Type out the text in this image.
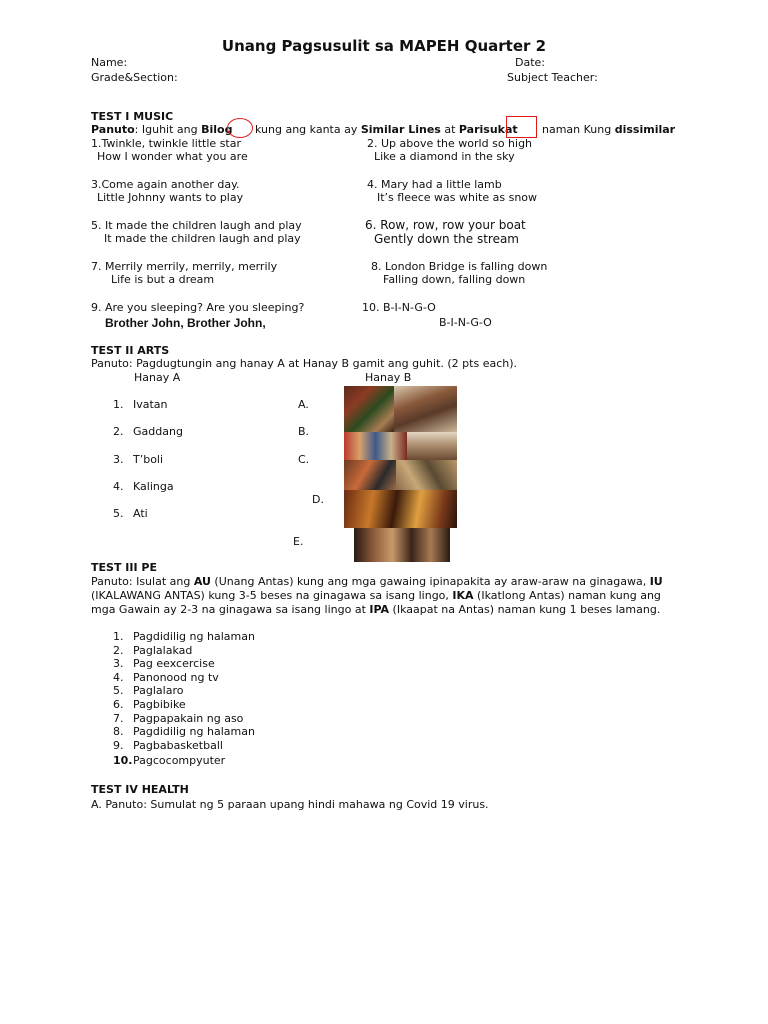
Unang Pagsusulit sa MAPEH Quarter 2
Name:	Date:
Grade&Section:	Subject Teacher:
TEST I MUSIC
Panuto: Iguhit ang Bilog kung ang kanta ay Similar Lines at Parisukat naman Kung dissimilar
1.Twinkle, twinkle little star
How I wonder what you are
2. Up above the world so high
Like a diamond in the sky
3.Come again another day.
Little Johnny wants to play
4. Mary had a little lamb
It’s fleece was white as snow
5. It made the children laugh and play
It made the children laugh and play
6. Row, row, row your boat
Gently down the stream
7. Merrily merrily, merrily, merrily
Life is but a dream
8. London Bridge is falling down
Falling down, falling down
9. Are you sleeping? Are you sleeping?
Brother John, Brother John,
10. B-I-N-G-O
B-I-N-G-O
TEST II ARTS
Panuto: Pagdugtungin ang hanay A at Hanay B gamit ang guhit. (2 pts each).
Hanay A	Hanay B
1. Ivatan
2. Gaddang
3. T’boli
4. Kalinga
5. Ati
A.
B.
C.
D.
E.
TEST III PE
Panuto: Isulat ang AU (Unang Antas) kung ang mga gawaing ipinapakita ay araw-araw na ginagawa, IU
(IKALAWANG ANTAS) kung 3-5 beses na ginagawa sa isang lingo, IKA (Ikatlong Antas) naman kung ang
mga Gawain ay 2-3 na ginagawa sa isang lingo at IPA (Ikaapat na Antas) naman kung 1 beses lamang.
1. Pagdidilig ng halaman
2. Paglalakad
3. Pag eexcercise
4. Panonood ng tv
5. Paglalaro
6. Pagbibike
7. Pagpapakain ng aso
8. Pagdidilig ng halaman
9. Pagbabasketball
10.Pagcocompyuter
TEST IV HEALTH
A. Panuto: Sumulat ng 5 paraan upang hindi mahawa ng Covid 19 virus.
